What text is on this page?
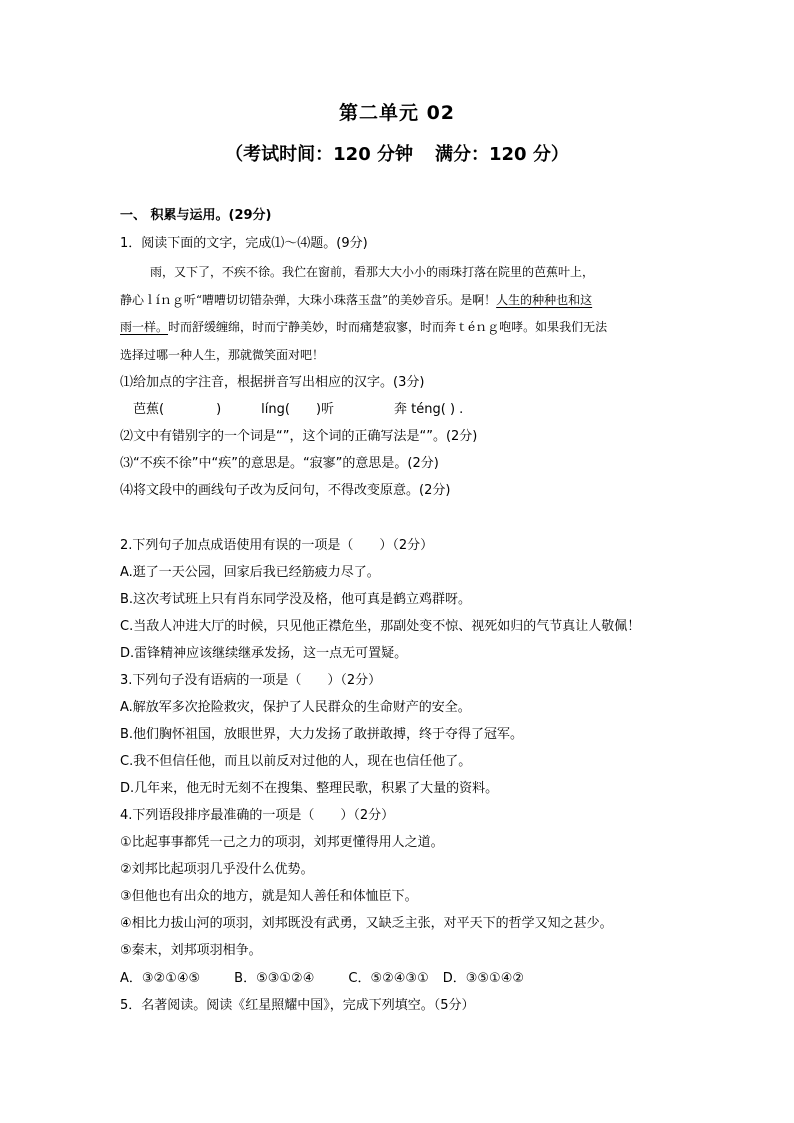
第二单元 02
（考试时间：120 分钟 满分：120 分）
一、 积累与运用。(29分)
1．阅读下面的文字，完成⑴～⑷题。(9分)
雨，又下了，不疾不徐。我伫在窗前，看那大大小小的雨珠打落在院里的芭蕉叶上，
静心ｌíｎｇ听“嘈嘈切切错杂弹，大珠小珠落玉盘”的美妙音乐。是啊！人生的种种也和这
雨一样。时而舒缓缠绵，时而宁静美妙，时而痛楚寂寥，时而奔ｔéｎｇ咆哮。如果我们无法
选择过哪一种人生，那就微笑面对吧！
⑴给加点的字注音，根据拼音写出相应的汉字。(3分)
芭蕉(　　　　)	líng(　　)听	奔 téng( ) .
⑵文中有错别字的一个词是“”，这个词的正确写法是“”。(2分)
⑶“不疾不徐”中“疾”的意思是。“寂寥”的意思是。(2分)
⑷将文段中的画线句子改为反问句，不得改变原意。(2分)
2.下列句子加点成语使用有误的一项是（　　）（2分）
A.逛了一天公园，回家后我已经筋疲力尽了。
B.这次考试班上只有肖东同学没及格，他可真是鹤立鸡群呀。
C.当敌人冲进大厅的时候，只见他正襟危坐，那副处变不惊、视死如归的气节真让人敬佩！
D.雷锋精神应该继续继承发扬，这一点无可置疑。
3.下列句子没有语病的一项是（　　）（2分）
A.解放军多次抢险救灾，保护了人民群众的生命财产的安全。
B.他们胸怀祖国，放眼世界，大力发扬了敢拼敢搏，终于夺得了冠军。
C.我不但信任他，而且以前反对过他的人，现在也信任他了。
D.几年来，他无时无刻不在搜集、整理民歌，积累了大量的资料。
4.下列语段排序最准确的一项是（　　）（2分）
①比起事事都凭一己之力的项羽，刘邦更懂得用人之道。
②刘邦比起项羽几乎没什么优势。
③但他也有出众的地方，就是知人善任和体恤臣下。
④相比力拔山河的项羽，刘邦既没有武勇，又缺乏主张，对平天下的哲学又知之甚少。
⑤秦末，刘邦项羽相争。
A．③②①④⑤	B．⑤③①②④	C．⑤②④③① D．③⑤①④②
5．名著阅读。阅读《红星照耀中国》，完成下列填空。（5分）
